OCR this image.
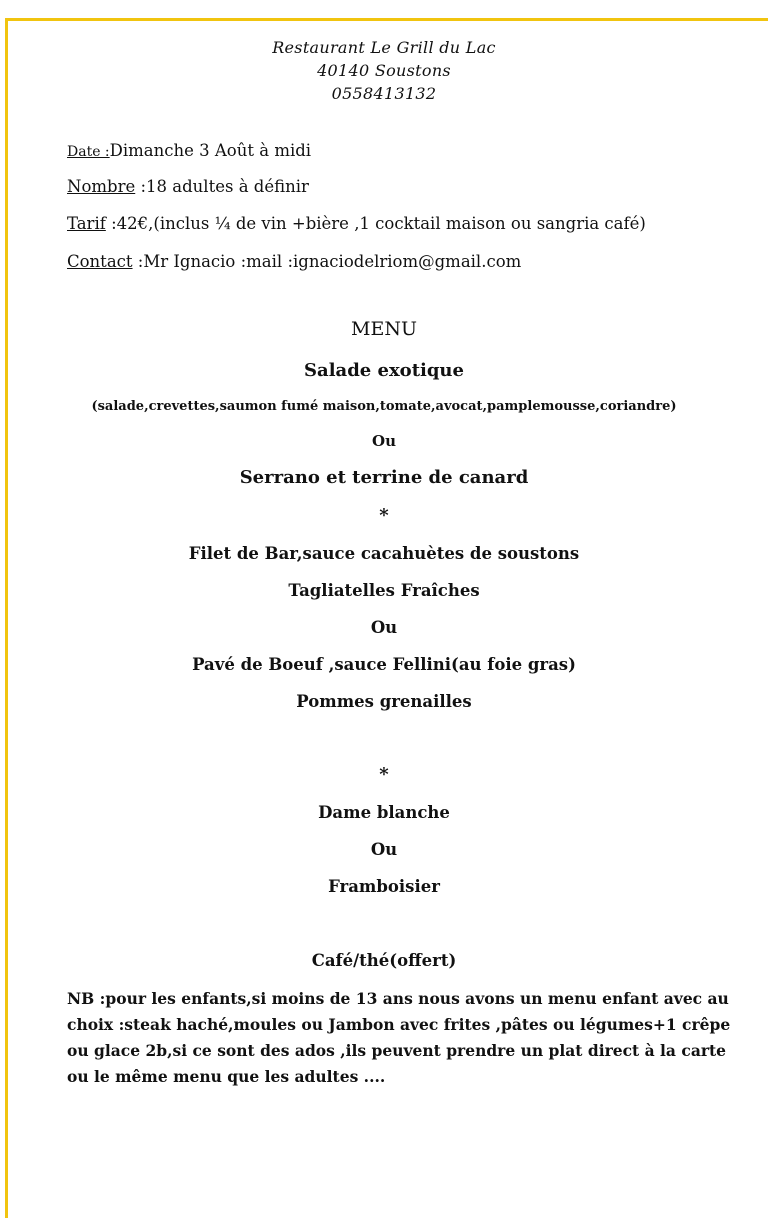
Restaurant Le Grill du Lac
40140 Soustons
0558413132
Date :Dimanche 3 Août à midi
Nombre :18 adultes à définir
Tarif :42€,(inclus ¼ de vin +bière ,1 cocktail maison ou sangria café)
Contact :Mr Ignacio :mail :ignaciodelriom@gmail.com
MENU
Salade exotique
(salade,crevettes,saumon fumé maison,tomate,avocat,pamplemousse,coriandre)
Ou
Serrano et terrine de canard
*
Filet de Bar,sauce cacahuètes de soustons
Tagliatelles Fraîches
Ou
Pavé de Boeuf ,sauce Fellini(au foie gras)
Pommes grenailles
*
Dame blanche
Ou
Framboisier
Café/thé(offert)
NB :pour les enfants,si moins de 13 ans nous avons un menu enfant avec au choix :steak haché,moules ou Jambon avec frites ,pâtes ou légumes+1 crêpe ou glace 2b,si ce sont des ados ,ils peuvent prendre un plat direct à la carte ou le même menu que les adultes ....
